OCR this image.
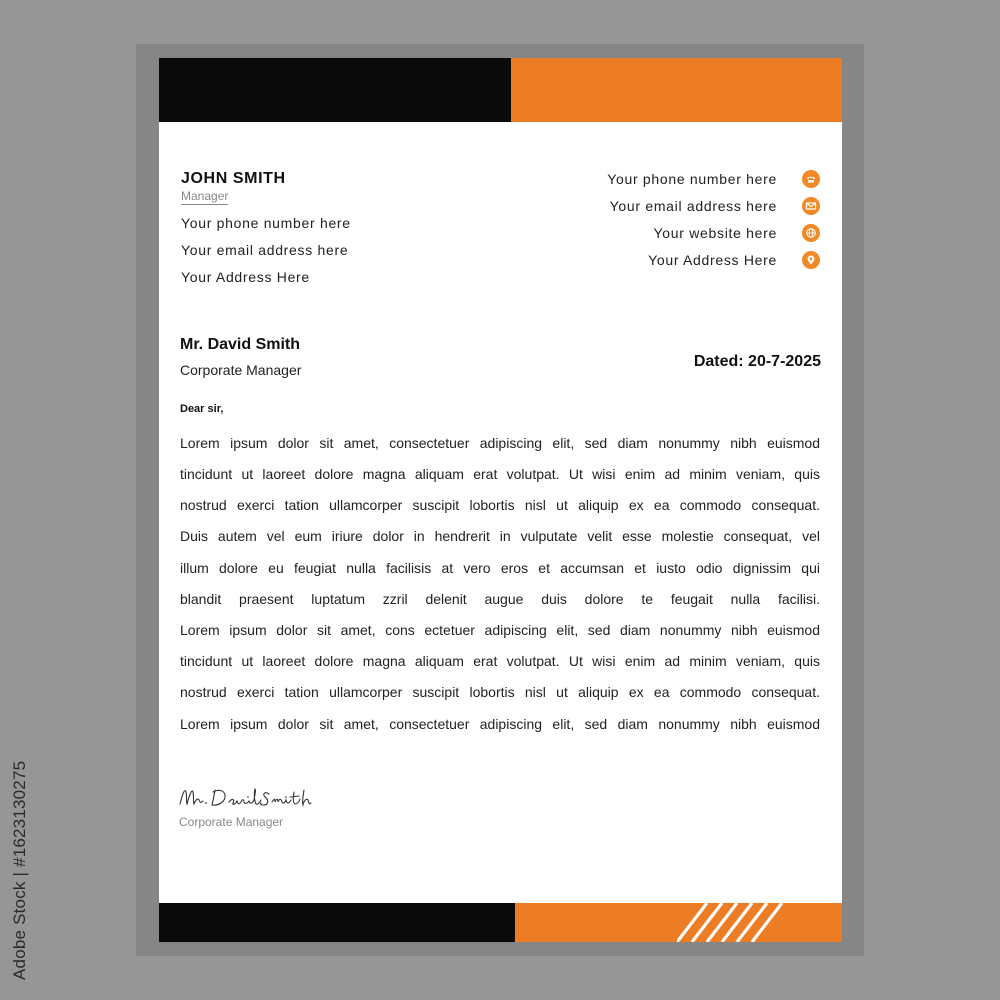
JOHN SMITH
Manager
Your phone number here
Your email address here
Your Address Here
Your phone number here
Your email address here
Your website here
Your Address Here
Mr. David Smith
Corporate Manager	Dated: 20-7-2025
Dear sir,
Lorem ipsum dolor sit amet, consectetuer adipiscing elit, sed diam nonummy nibh euismod
tincidunt ut laoreet dolore magna aliquam erat volutpat. Ut wisi enim ad minim veniam, quis
nostrud exerci tation ullamcorper suscipit lobortis nisl ut aliquip ex ea commodo consequat.
Duis autem vel eum iriure dolor in hendrerit in vulputate velit esse molestie consequat, vel
illum dolore eu feugiat nulla facilisis at vero eros et accumsan et iusto odio dignissim qui
blandit praesent luptatum zzril delenit augue duis dolore te feugait nulla facilisi.
Lorem ipsum dolor sit amet, cons ectetuer adipiscing elit, sed diam nonummy nibh euismod
tincidunt ut laoreet dolore magna aliquam erat volutpat. Ut wisi enim ad minim veniam, quis
nostrud exerci tation ullamcorper suscipit lobortis nisl ut aliquip ex ea commodo consequat.
Lorem ipsum dolor sit amet, consectetuer adipiscing elit, sed diam nonummy nibh euismod
Corporate Manager
Adobe Stock | #1623130275
